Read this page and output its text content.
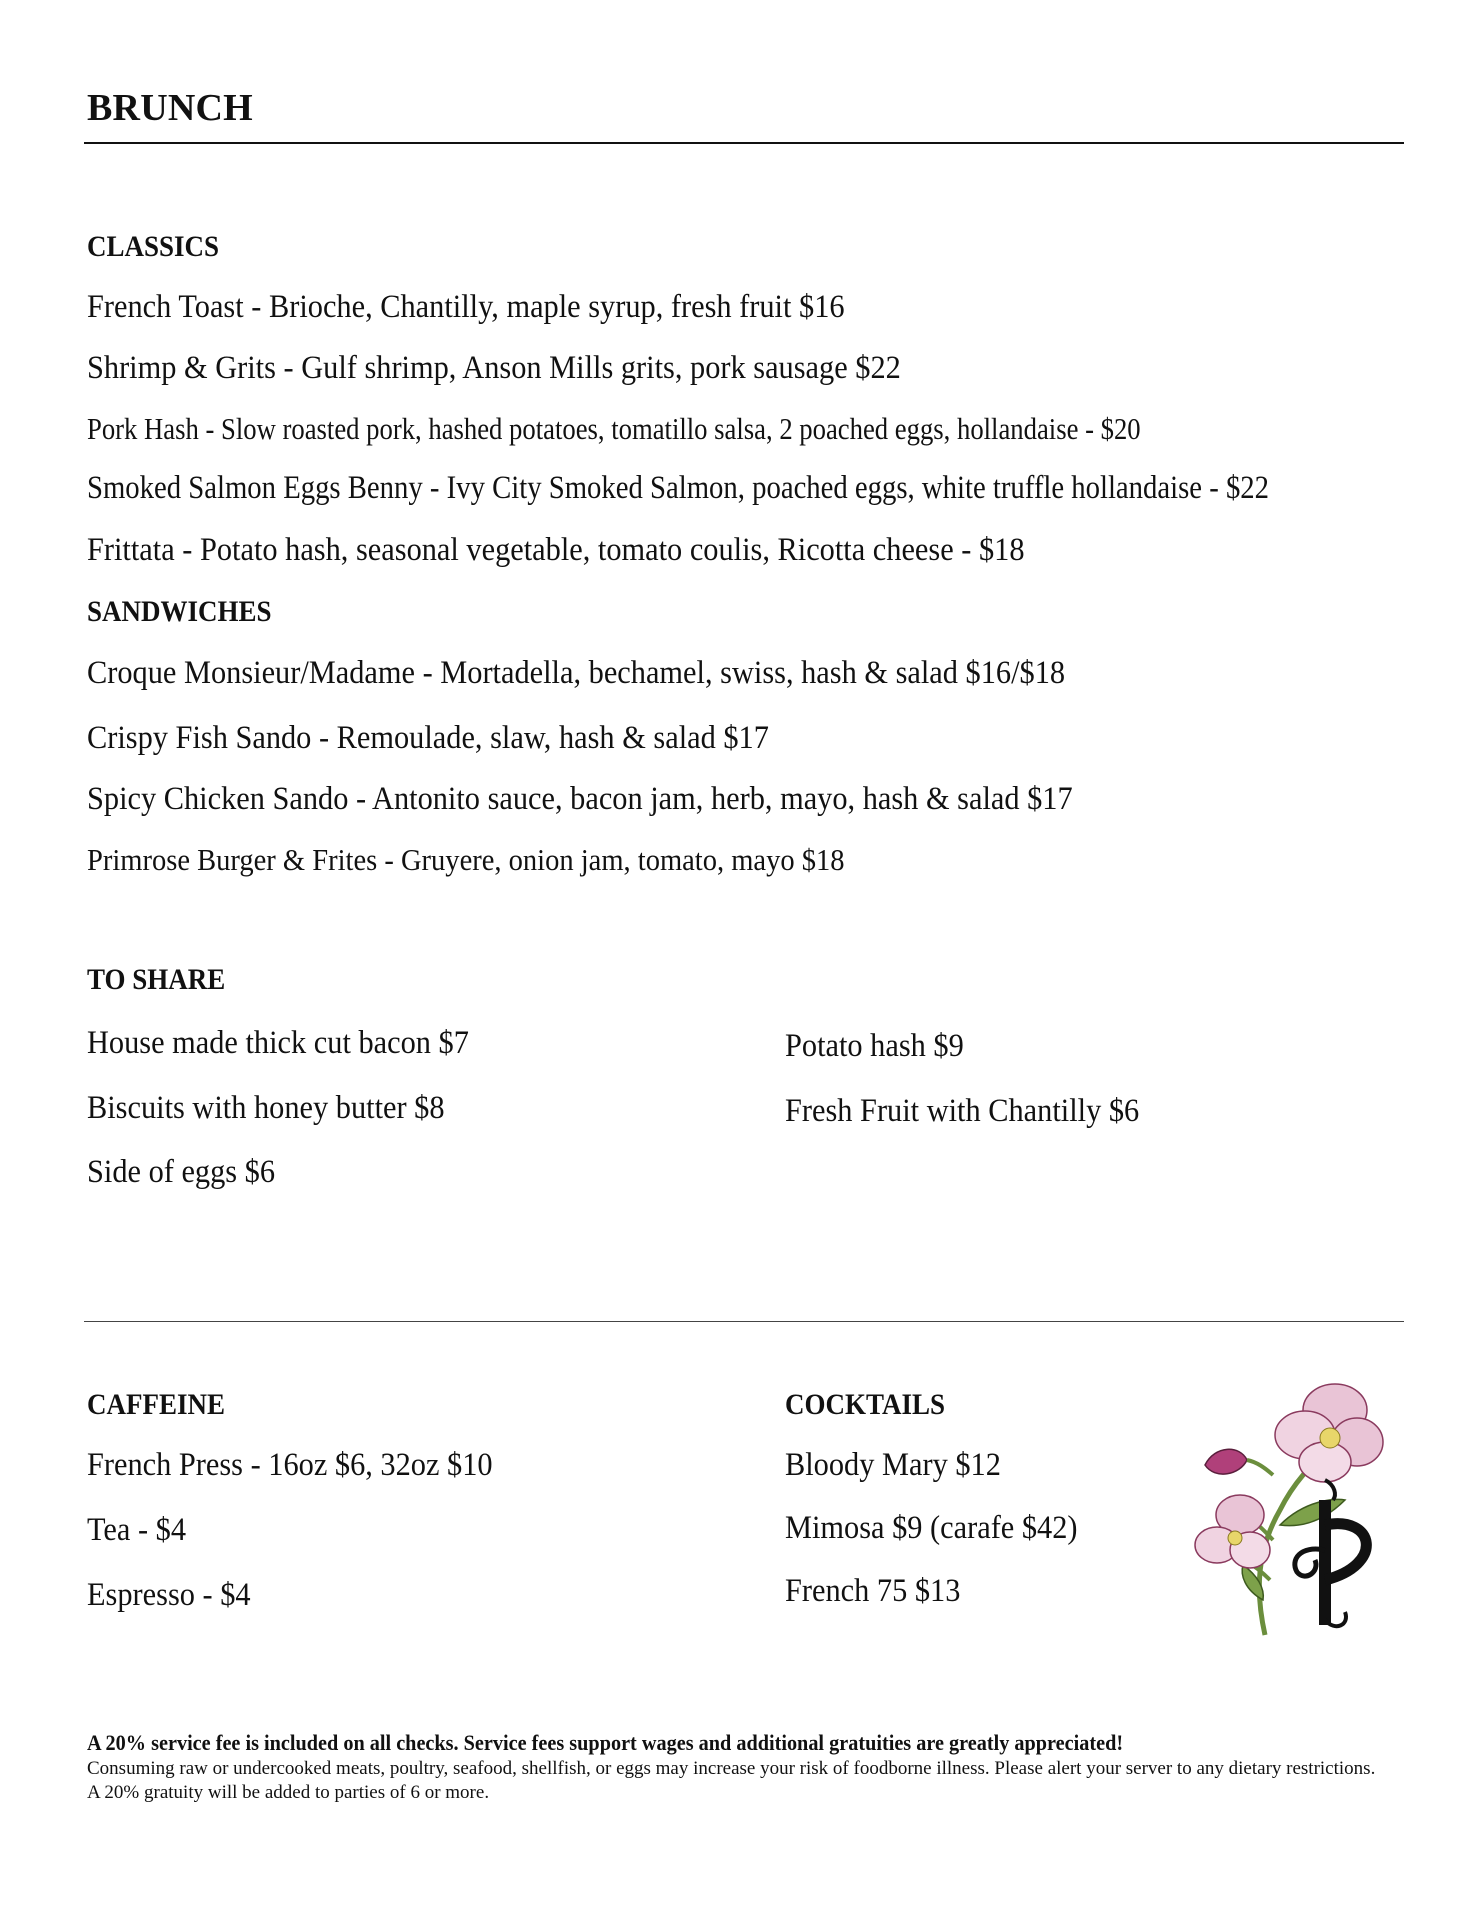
BRUNCH
CLASSICS
French Toast - Brioche, Chantilly, maple syrup, fresh fruit $16
Shrimp & Grits - Gulf shrimp, Anson Mills grits, pork sausage $22
Pork Hash - Slow roasted pork, hashed potatoes, tomatillo salsa, 2 poached eggs, hollandaise - $20
Smoked Salmon Eggs Benny - Ivy City Smoked Salmon, poached eggs, white truffle hollandaise - $22
Frittata - Potato hash, seasonal vegetable, tomato coulis, Ricotta cheese - $18
SANDWICHES
Croque Monsieur/Madame - Mortadella, bechamel, swiss, hash & salad $16/$18
Crispy Fish Sando - Remoulade, slaw, hash & salad $17
Spicy Chicken Sando - Antonito sauce, bacon jam, herb, mayo, hash & salad $17
Primrose Burger & Frites - Gruyere, onion jam, tomato, mayo $18
TO SHARE
House made thick cut bacon $7
Biscuits with honey butter $8
Side of eggs $6
Potato hash $9
Fresh Fruit with Chantilly $6
CAFFEINE
French Press - 16oz $6, 32oz $10
Tea - $4
Espresso - $4
COCKTAILS
Bloody Mary $12
Mimosa $9 (carafe $42)
French 75 $13
A 20% service fee is included on all checks. Service fees support wages and additional gratuities are greatly appreciated!
Consuming raw or undercooked meats, poultry, seafood, shellfish, or eggs may increase your risk of foodborne illness. Please alert your server to any dietary restrictions. A 20% gratuity will be added to parties of 6 or more.
